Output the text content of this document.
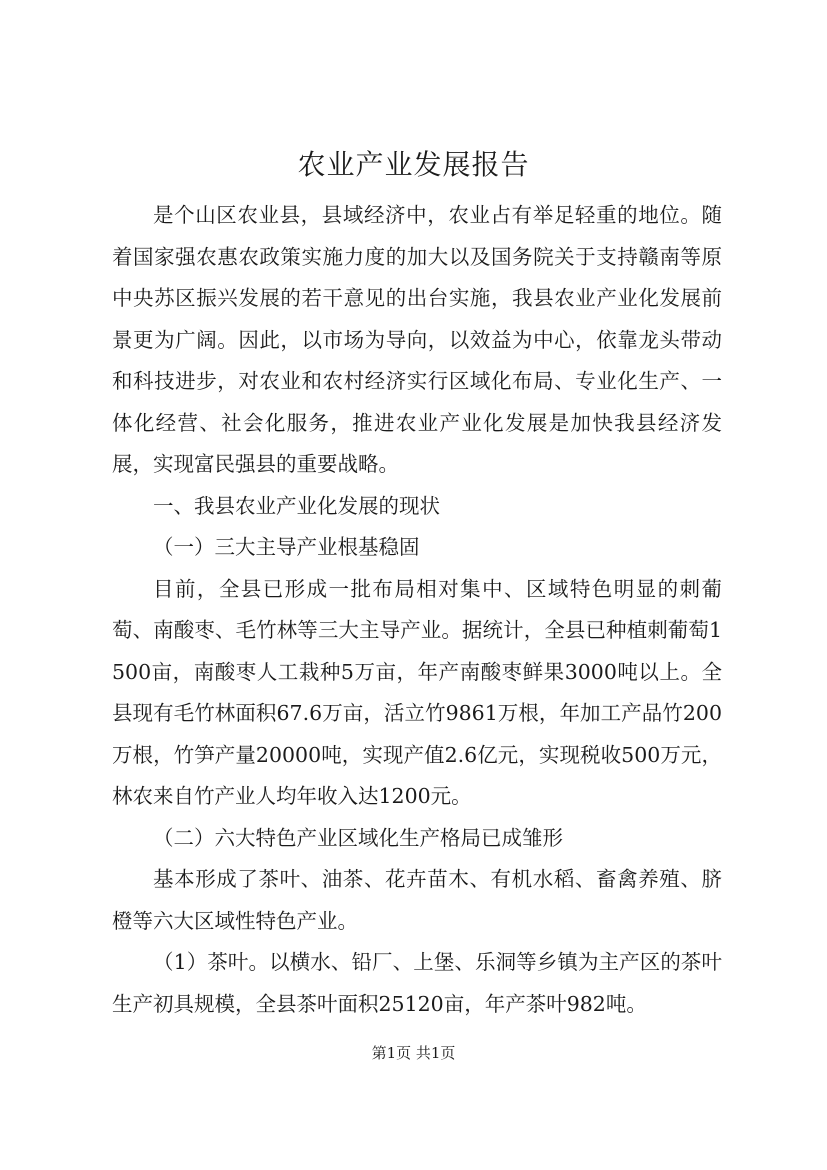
农业产业发展报告

是个山区农业县，县域经济中，农业占有举足轻重的地位。随着国家强农惠农政策实施力度的加大以及国务院关于支持赣南等原中央苏区振兴发展的若干意见的出台实施，我县农业产业化发展前景更为广阔。因此，以市场为导向，以效益为中心，依靠龙头带动和科技进步，对农业和农村经济实行区域化布局、专业化生产、一体化经营、社会化服务，推进农业产业化发展是加快我县经济发展，实现富民强县的重要战略。

一、我县农业产业化发展的现状

（一）三大主导产业根基稳固

目前，全县已形成一批布局相对集中、区域特色明显的刺葡萄、南酸枣、毛竹林等三大主导产业。据统计，全县已种植刺葡萄1500亩，南酸枣人工栽种5万亩，年产南酸枣鲜果3000吨以上。全县现有毛竹林面积67.6万亩，活立竹9861万根，年加工产品竹200万根，竹笋产量20000吨，实现产值2.6亿元，实现税收500万元，林农来自竹产业人均年收入达1200元。

（二）六大特色产业区域化生产格局已成雏形

基本形成了茶叶、油茶、花卉苗木、有机水稻、畜禽养殖、脐橙等六大区域性特色产业。

（1）茶叶。以横水、铅厂、上堡、乐洞等乡镇为主产区的茶叶生产初具规模，全县茶叶面积25120亩，年产茶叶982吨。

第1页 共1页
